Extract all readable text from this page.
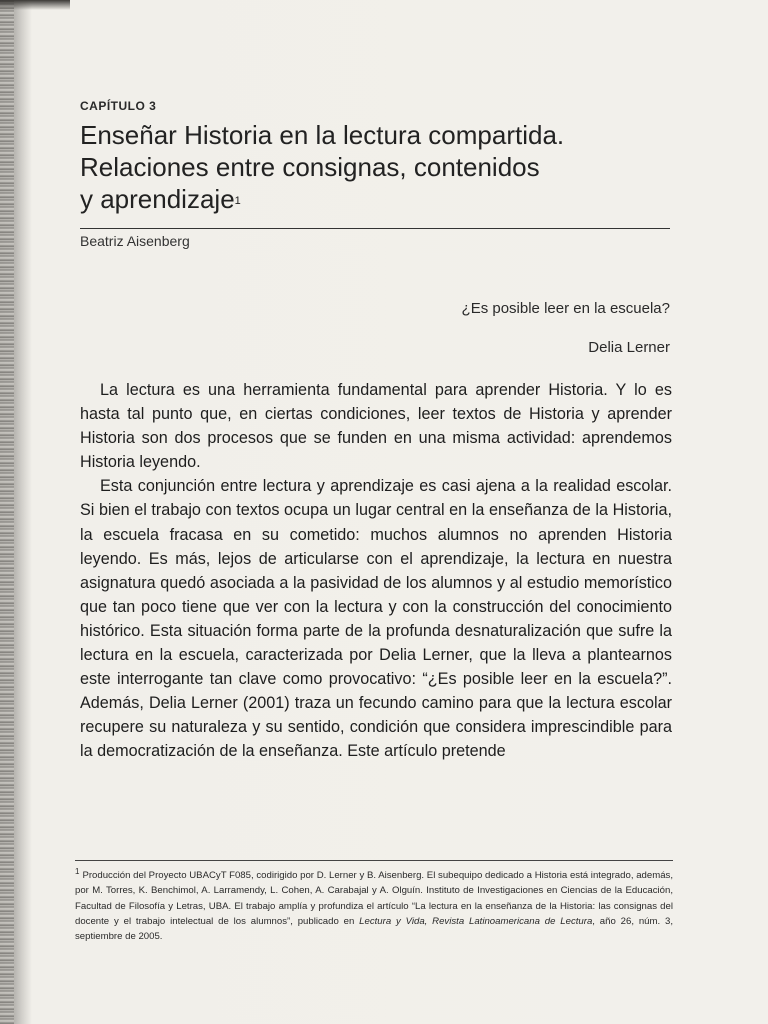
CAPÍTULO 3
Enseñar Historia en la lectura compartida.
Relaciones entre consignas, contenidos
y aprendizaje$^1$
Beatriz Aisenberg
¿Es posible leer en la escuela?
Delia Lerner

La lectura es una herramienta fundamental para aprender Historia. Y lo es hasta tal punto que, en ciertas condiciones, leer textos de Historia y aprender Historia son dos procesos que se funden en una misma actividad: aprendemos Historia leyendo.

Esta conjunción entre lectura y aprendizaje es casi ajena a la realidad escolar. Si bien el trabajo con textos ocupa un lugar central en la enseñanza de la Historia, la escuela fracasa en su cometido: muchos alumnos no aprenden Historia leyendo. Es más, lejos de articularse con el aprendizaje, la lectura en nuestra asignatura quedó asociada a la pasividad de los alumnos y al estudio memorístico que tan poco tiene que ver con la lectura y con la construcción del conocimiento histórico. Esta situación forma parte de la profunda desnaturalización que sufre la lectura en la escuela, caracterizada por Delia Lerner, que la lleva a plantearnos este interrogante tan clave como provocativo: “¿Es posible leer en la escuela?”. Además, Delia Lerner (2001) traza un fecundo camino para que la lectura escolar recupere su naturaleza y su sentido, condición que considera imprescindible para la democratización de la enseñanza. Este artículo pretende

$^1$ Producción del Proyecto UBACyT F085, codirigido por D. Lerner y B. Aisenberg. El subequipo dedicado a Historia está integrado, además, por M. Torres, K. Benchimol, A. Larramendy, L. Cohen, A. Carabajal y A. Olguín. Instituto de Investigaciones en Ciencias de la Educación, Facultad de Filosofía y Letras, UBA. El trabajo amplía y profundiza el artículo “La lectura en la enseñanza de la Historia: las consignas del docente y el trabajo intelectual de los alumnos”, publicado en Lectura y Vida, Revista Latinoamericana de Lectura, año 26, núm. 3, septiembre de 2005.
